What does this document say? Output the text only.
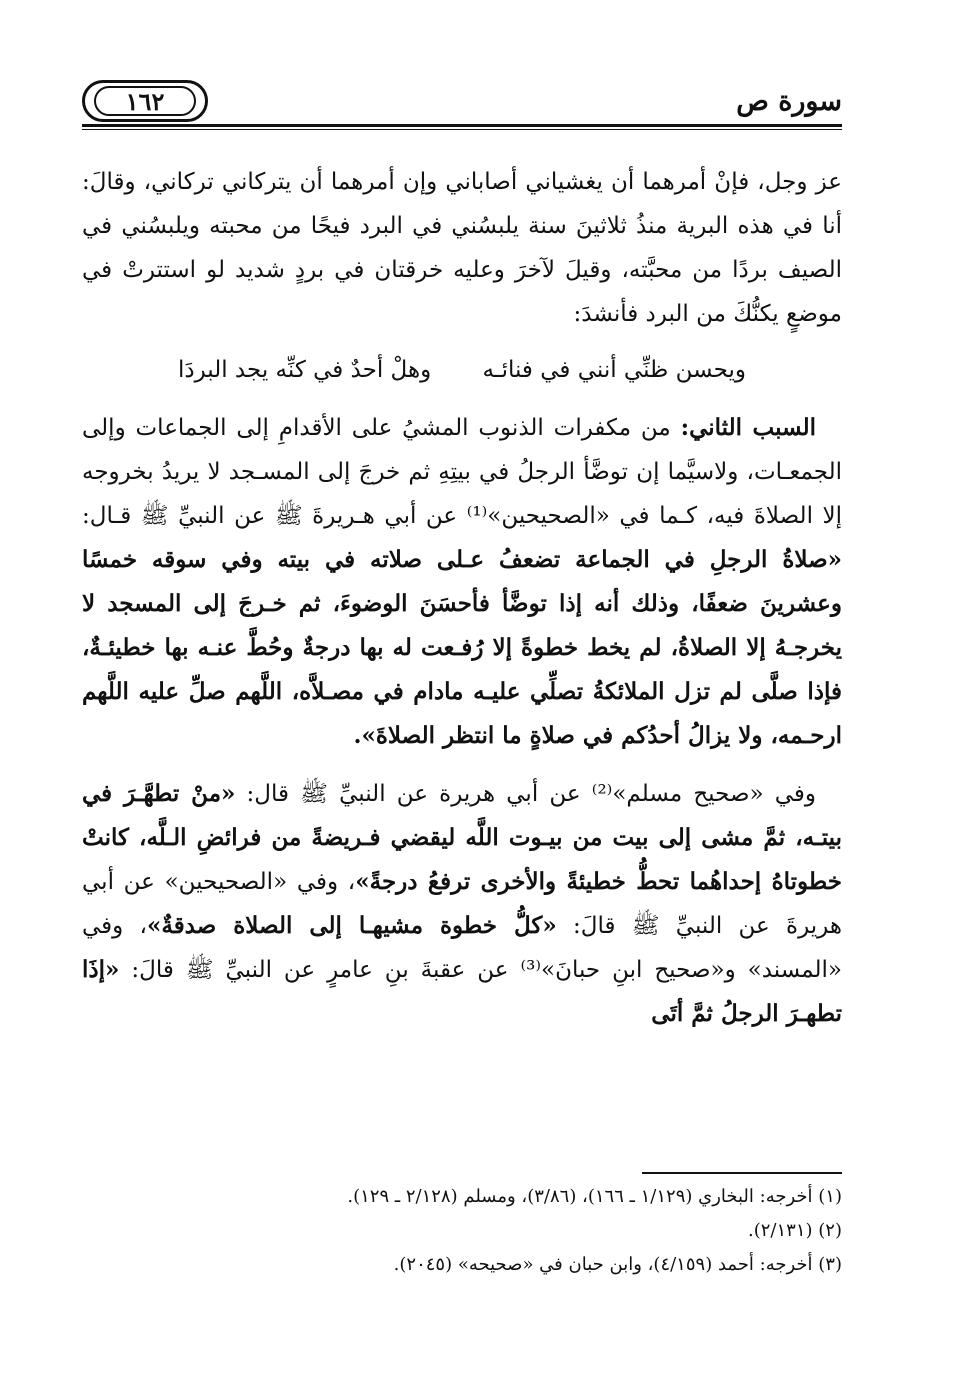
١٦٢	سورة ص

عز وجل، فإنْ أمرهما أن يغشياني أصاباني وإن أمرهما أن يتركاني تركاني، وقالَ: أنا في هذه البرية منذُ ثلاثينَ سنة يلبسُني في البرد فيحًا من محبته ويلبسُني في الصيف بردًا من محبَّته، وقيلَ لآخرَ وعليه خرقتان في بردٍ شديد لو استترتْ في موضعٍ يكنُّكَ من البرد فأنشدَ:

ويحسن ظنِّي أنني في فنائـه وهلْ أحدٌ في كنِّه يجد البردَا

السبب الثاني: من مكفرات الذنوب المشيُ على الأقدامِ إلى الجماعات وإلى الجمعـات، ولاسيَّما إن توضَّأ الرجلُ في بيتِهِ ثم خرجَ إلى المسـجد لا يريدُ بخروجه إلا الصلاةَ فيه، كـما في «الصحيحين»⁽¹⁾ عن أبي هـريرةَ ﷺ عن النبيِّ ﷺ قـال: «صلاةُ الرجلِ في الجماعة تضعفُ عـلى صلاته في بيته وفي سوقه خمسًا وعشرينَ ضعفًا، وذلك أنه إذا توضَّأ فأحسَنَ الوضوءَ، ثم خـرجَ إلى المسجد لا يخرجـهُ إلا الصلاةُ، لم يخط خطوةً إلا رُفـعت له بها درجةٌ وحُطَّ عنـه بها خطيئـةٌ، فإذا صلَّى لم تزل الملائكةُ تصلِّي عليـه مادام في مصـلاَّه، اللَّهم صلِّ عليه اللَّهم ارحـمه، ولا يزالُ أحدُكم في صلاةٍ ما انتظر الصلاةَ».

وفي «صحيح مسلم»⁽²⁾ عن أبي هريرة عن النبيِّ ﷺ قال: «منْ تطهَّـرَ في بيتـه، ثمَّ مشى إلى بيت من بيـوت اللَّه ليقضي فـريضةً من فرائضِ الـلَّه، كانتْ خطوتاهُ إحداهُما تحطُّ خطيئةً والأخرى ترفعُ درجةً»، وفي «الصحيحين» عن أبي هريرةَ عن النبيِّ ﷺ قالَ: «كلُّ خطوة مشيهـا إلى الصلاة صدقةٌ»، وفي «المسند» و«صحيح ابنِ حبانَ»⁽³⁾ عن عقبةَ بنِ عامرٍ عن النبيِّ ﷺ قالَ: «إذَا تطهـرَ الرجلُ ثمَّ أتَى

(١) أخرجه: البخاري (١/١٢٩ ـ ١٦٦)، (٣/٨٦)، ومسلم (٢/١٢٨ ـ ١٢٩).
(٢) (٢/١٣١).
(٣) أخرجه: أحمد (٤/١٥٩)، وابن حبان في «صحيحه» (٢٠٤٥).
